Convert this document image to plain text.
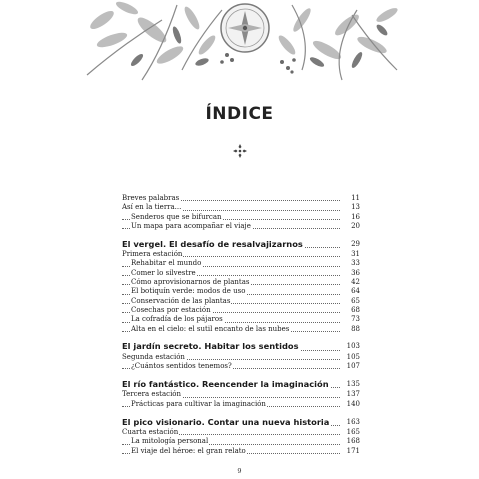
ÍNDICE
Breves palabras	11
Así en la tierra...	13
Senderos que se bifurcan	16
Un mapa para acompañar el viaje	20
El vergel. El desafío de resalvajizarnos	29
Primera estación	31
Rehabitar el mundo	33
Comer lo silvestre	36
Cómo aprovisionarnos de plantas	42
El botiquín verde: modos de uso	64
Conservación de las plantas	65
Cosechas por estación	68
La cofradía de los pájaros	73
Alta en el cielo: el sutil encanto de las nubes	88
El jardín secreto. Habitar los sentidos	103
Segunda estación	105
¿Cuántos sentidos tenemos?	107
El río fantástico. Reencender la imaginación	135
Tercera estación	137
Prácticas para cultivar la imaginación	140
El pico visionario. Contar una nueva historia 163
Cuarta estación	165
La mitología personal	168
El viaje del héroe: el gran relato	171
9
